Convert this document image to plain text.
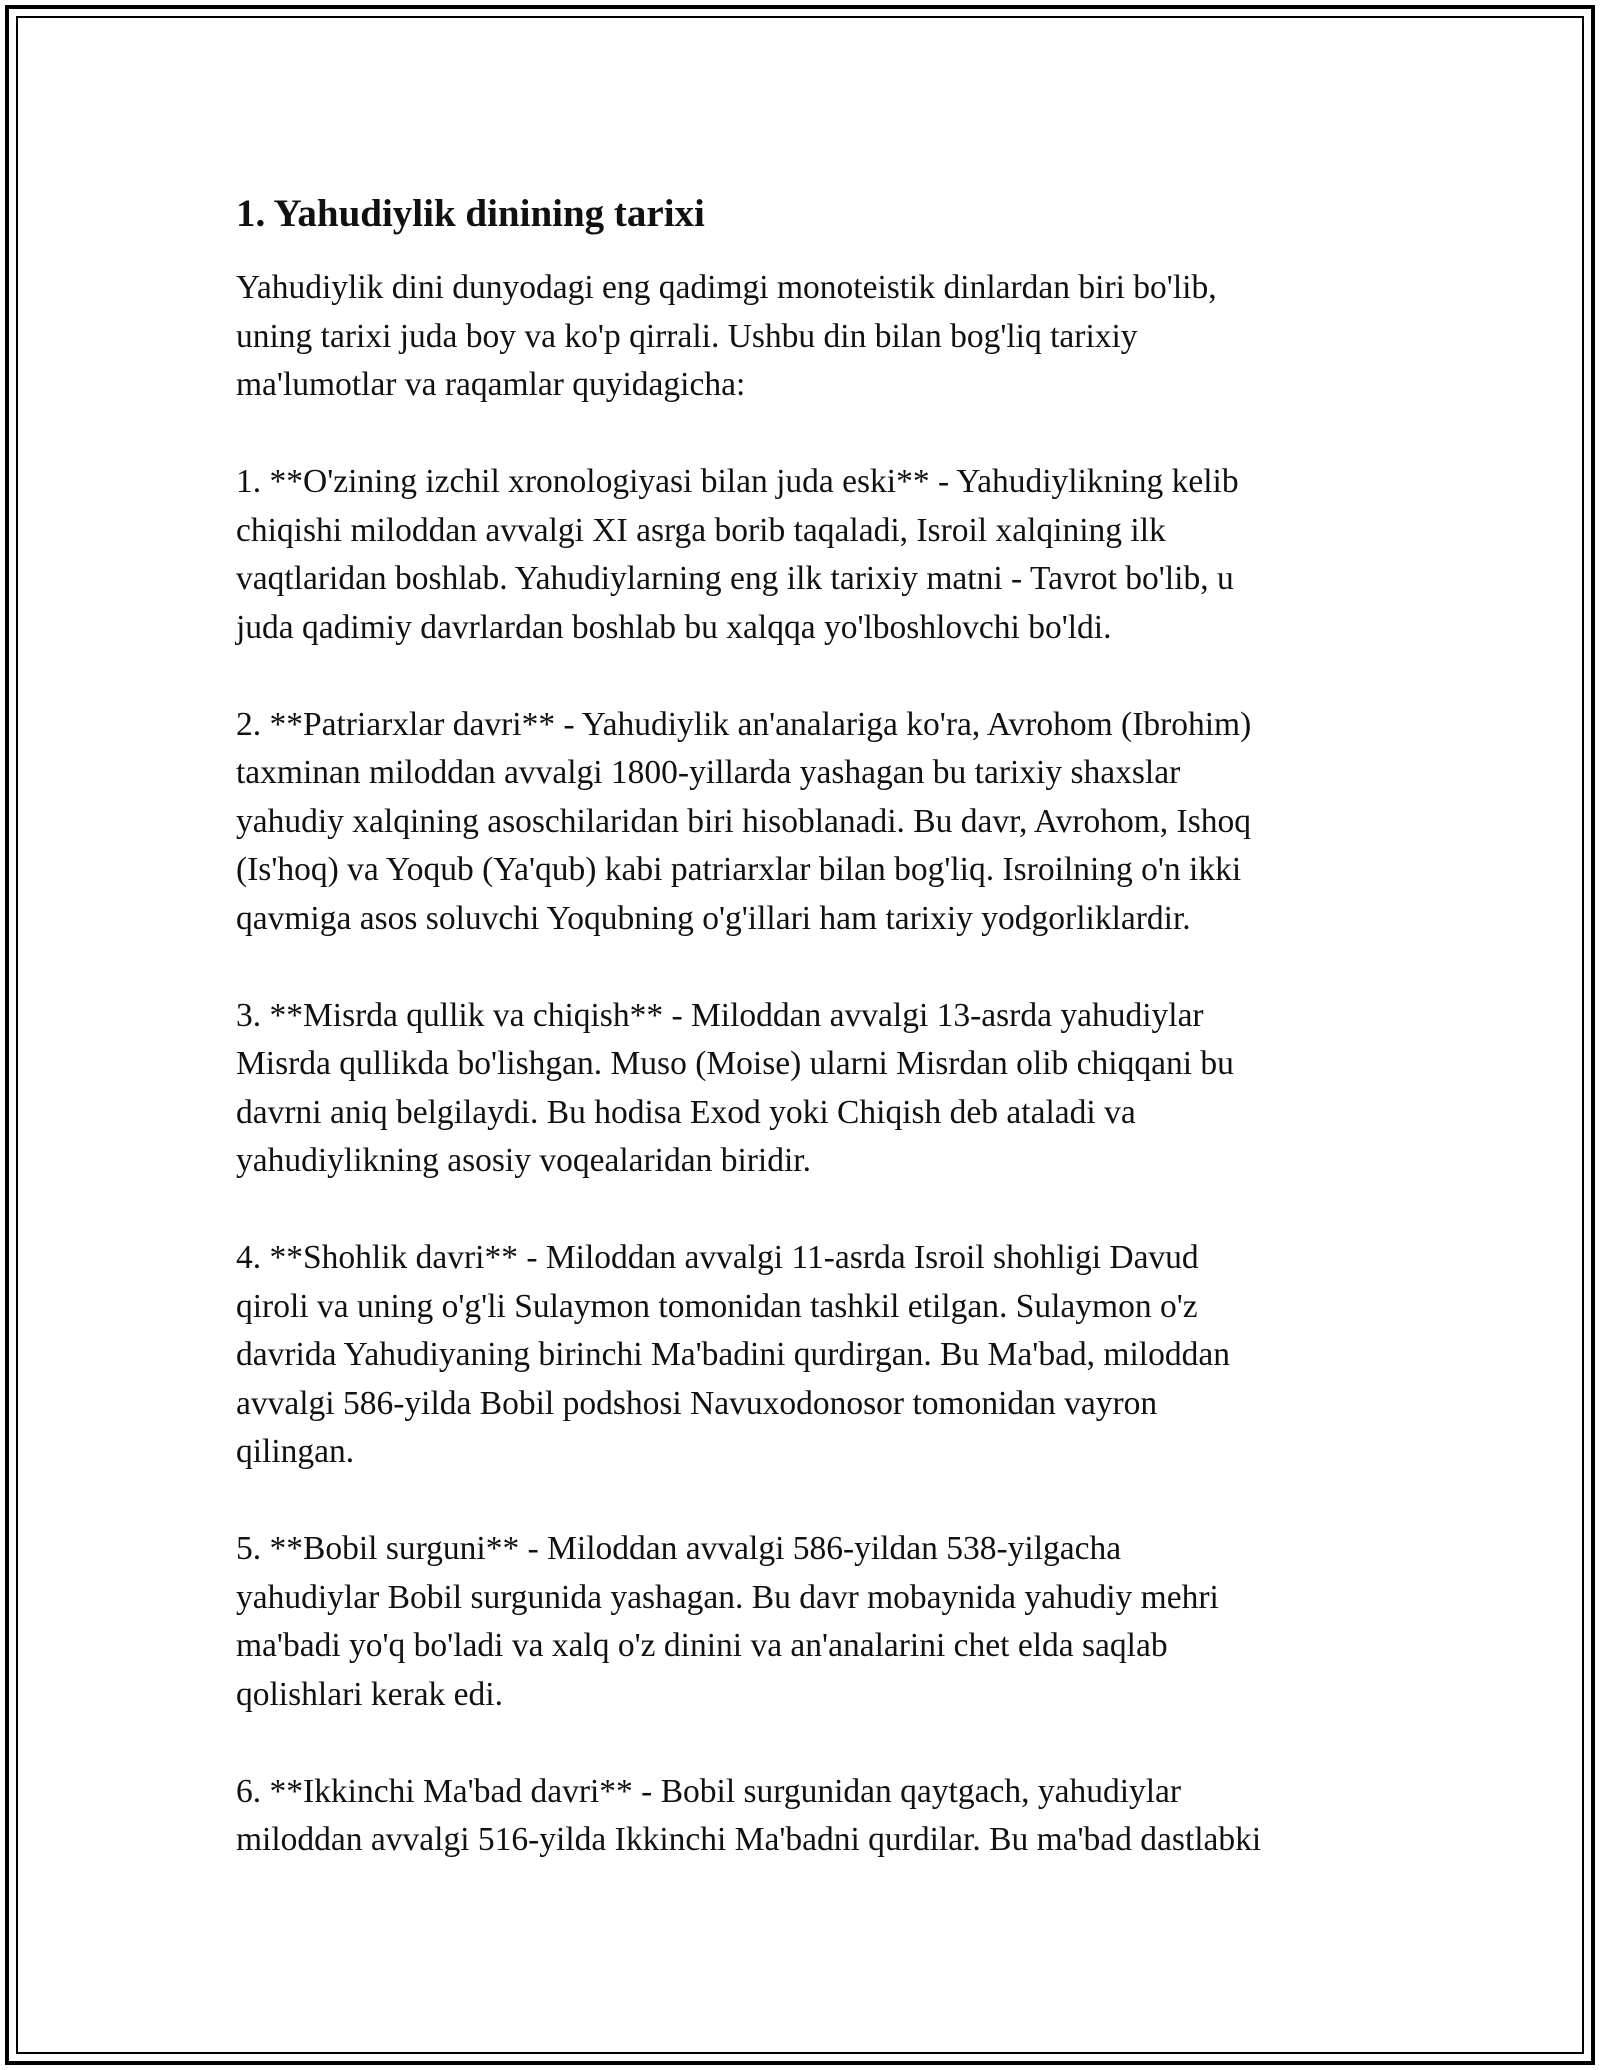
1. Yahudiylik dinining tarixi
Yahudiylik dini dunyodagi eng qadimgi monoteistik dinlardan biri bo'lib,
uning tarixi juda boy va ko'p qirrali. Ushbu din bilan bog'liq tarixiy
ma'lumotlar va raqamlar quyidagicha:
1. **O'zining izchil xronologiyasi bilan juda eski** - Yahudiylikning kelib
chiqishi miloddan avvalgi XI asrga borib taqaladi, Isroil xalqining ilk
vaqtlaridan boshlab. Yahudiylarning eng ilk tarixiy matni - Tavrot bo'lib, u
juda qadimiy davrlardan boshlab bu xalqqa yo'lboshlovchi bo'ldi.
2. **Patriarxlar davri** - Yahudiylik an'analariga ko'ra, Avrohom (Ibrohim)
taxminan miloddan avvalgi 1800-yillarda yashagan bu tarixiy shaxslar
yahudiy xalqining asoschilaridan biri hisoblanadi. Bu davr, Avrohom, Ishoq
(Is'hoq) va Yoqub (Ya'qub) kabi patriarxlar bilan bog'liq. Isroilning o'n ikki
qavmiga asos soluvchi Yoqubning o'g'illari ham tarixiy yodgorliklardir.
3. **Misrda qullik va chiqish** - Miloddan avvalgi 13-asrda yahudiylar
Misrda qullikda bo'lishgan. Muso (Moise) ularni Misrdan olib chiqqani bu
davrni aniq belgilaydi. Bu hodisa Exod yoki Chiqish deb ataladi va
yahudiylikning asosiy voqealaridan biridir.
4. **Shohlik davri** - Miloddan avvalgi 11-asrda Isroil shohligi Davud
qiroli va uning o'g'li Sulaymon tomonidan tashkil etilgan. Sulaymon o'z
davrida Yahudiyaning birinchi Ma'badini qurdirgan. Bu Ma'bad, miloddan
avvalgi 586-yilda Bobil podshosi Navuxodonosor tomonidan vayron
qilingan.
5. **Bobil surguni** - Miloddan avvalgi 586-yildan 538-yilgacha
yahudiylar Bobil surgunida yashagan. Bu davr mobaynida yahudiy mehri
ma'badi yo'q bo'ladi va xalq o'z dinini va an'analarini chet elda saqlab
qolishlari kerak edi.
6. **Ikkinchi Ma'bad davri** - Bobil surgunidan qaytgach, yahudiylar
miloddan avvalgi 516-yilda Ikkinchi Ma'badni qurdilar. Bu ma'bad dastlabki
